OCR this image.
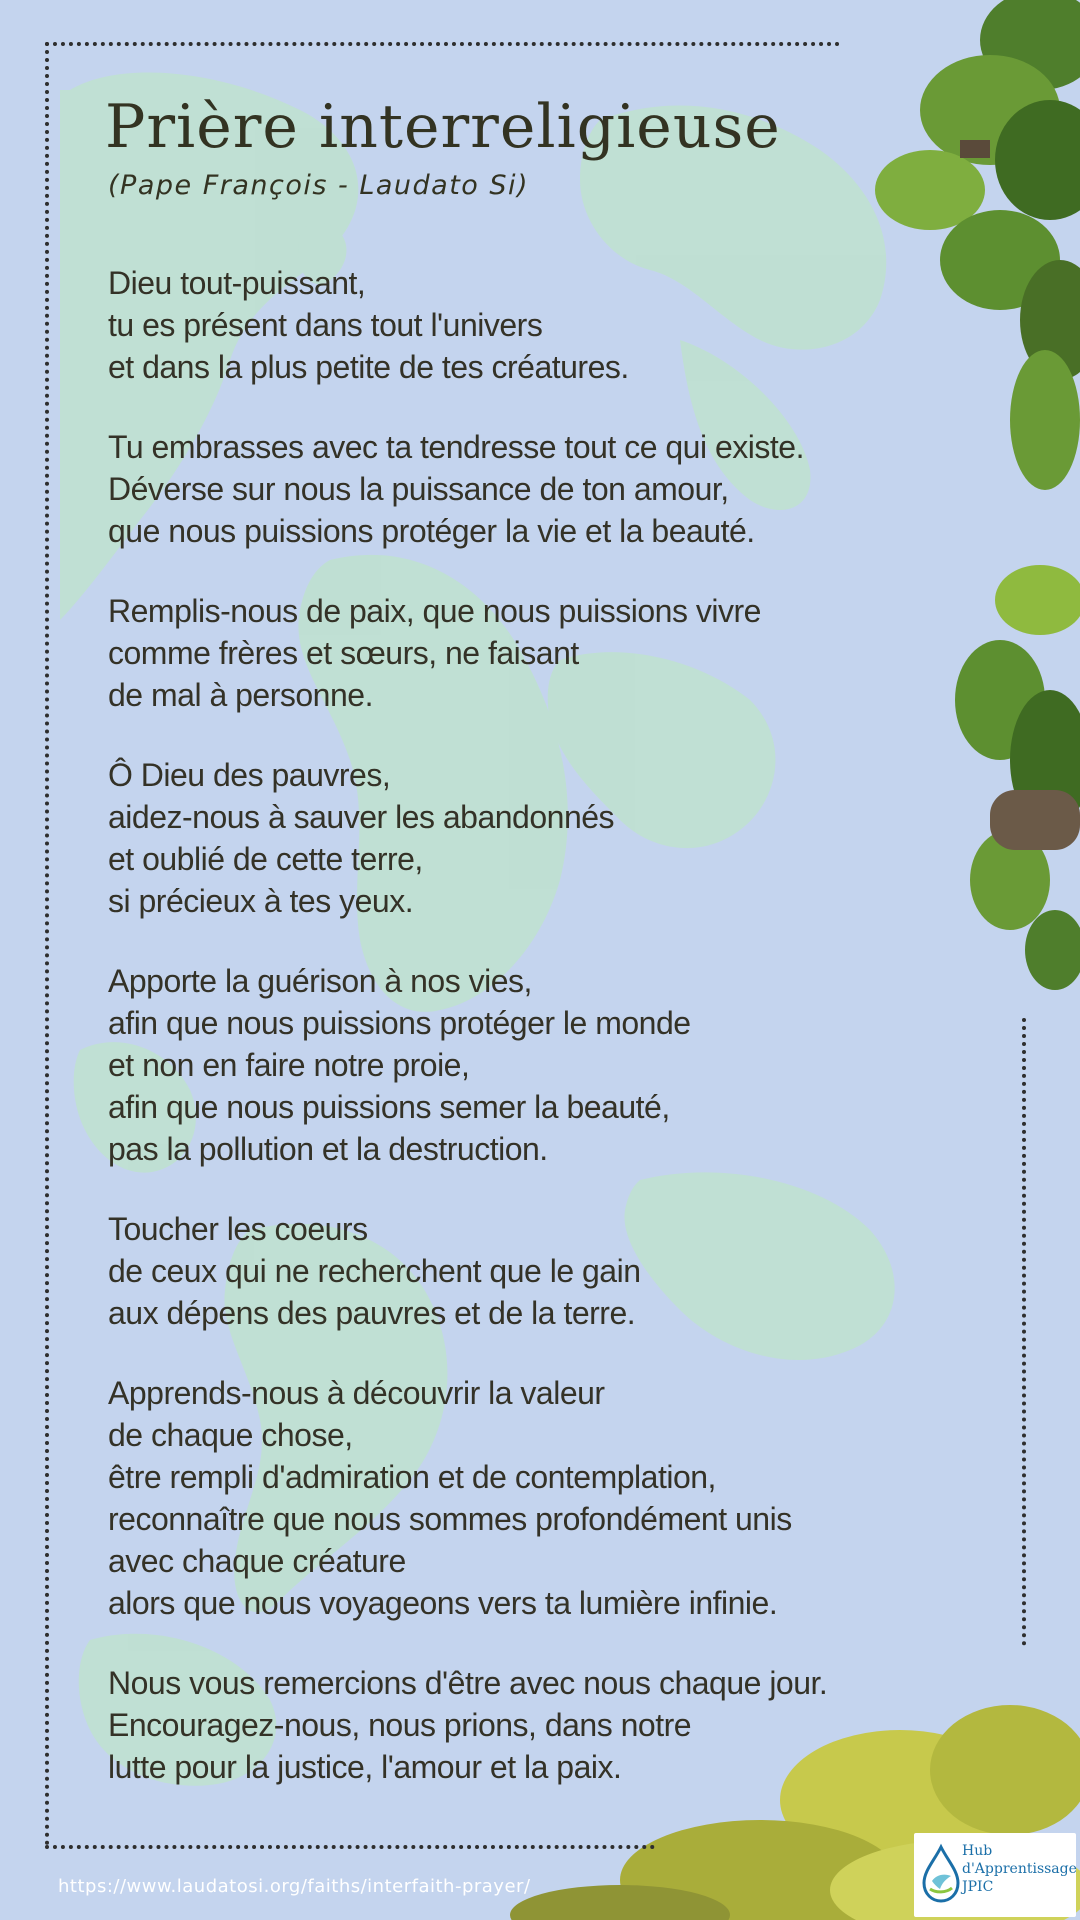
Prière interreligieuse
(Pape François - Laudato Si)
Dieu tout-puissant,
tu es présent dans tout l'univers
et dans la plus petite de tes créatures.
Tu embrasses avec ta tendresse tout ce qui existe.
Déverse sur nous la puissance de ton amour,
que nous puissions protéger la vie et la beauté.
Remplis-nous de paix, que nous puissions vivre
comme frères et sœurs, ne faisant
de mal à personne.
Ô Dieu des pauvres,
aidez-nous à sauver les abandonnés
et oublié de cette terre,
si précieux à tes yeux.
Apporte la guérison à nos vies,
afin que nous puissions protéger le monde
et non en faire notre proie,
afin que nous puissions semer la beauté,
pas la pollution et la destruction.
Toucher les coeurs
de ceux qui ne recherchent que le gain
aux dépens des pauvres et de la terre.
Apprends-nous à découvrir la valeur
de chaque chose,
être rempli d'admiration et de contemplation,
reconnaître que nous sommes profondément unis
avec chaque créature
alors que nous voyageons vers ta lumière infinie.
Nous vous remercions d'être avec nous chaque jour.
Encouragez-nous, nous prions, dans notre
lutte pour la justice, l'amour et la paix.
https://www.laudatosi.org/faiths/interfaith-prayer/
Hub
d'Apprentissage
JPIC
